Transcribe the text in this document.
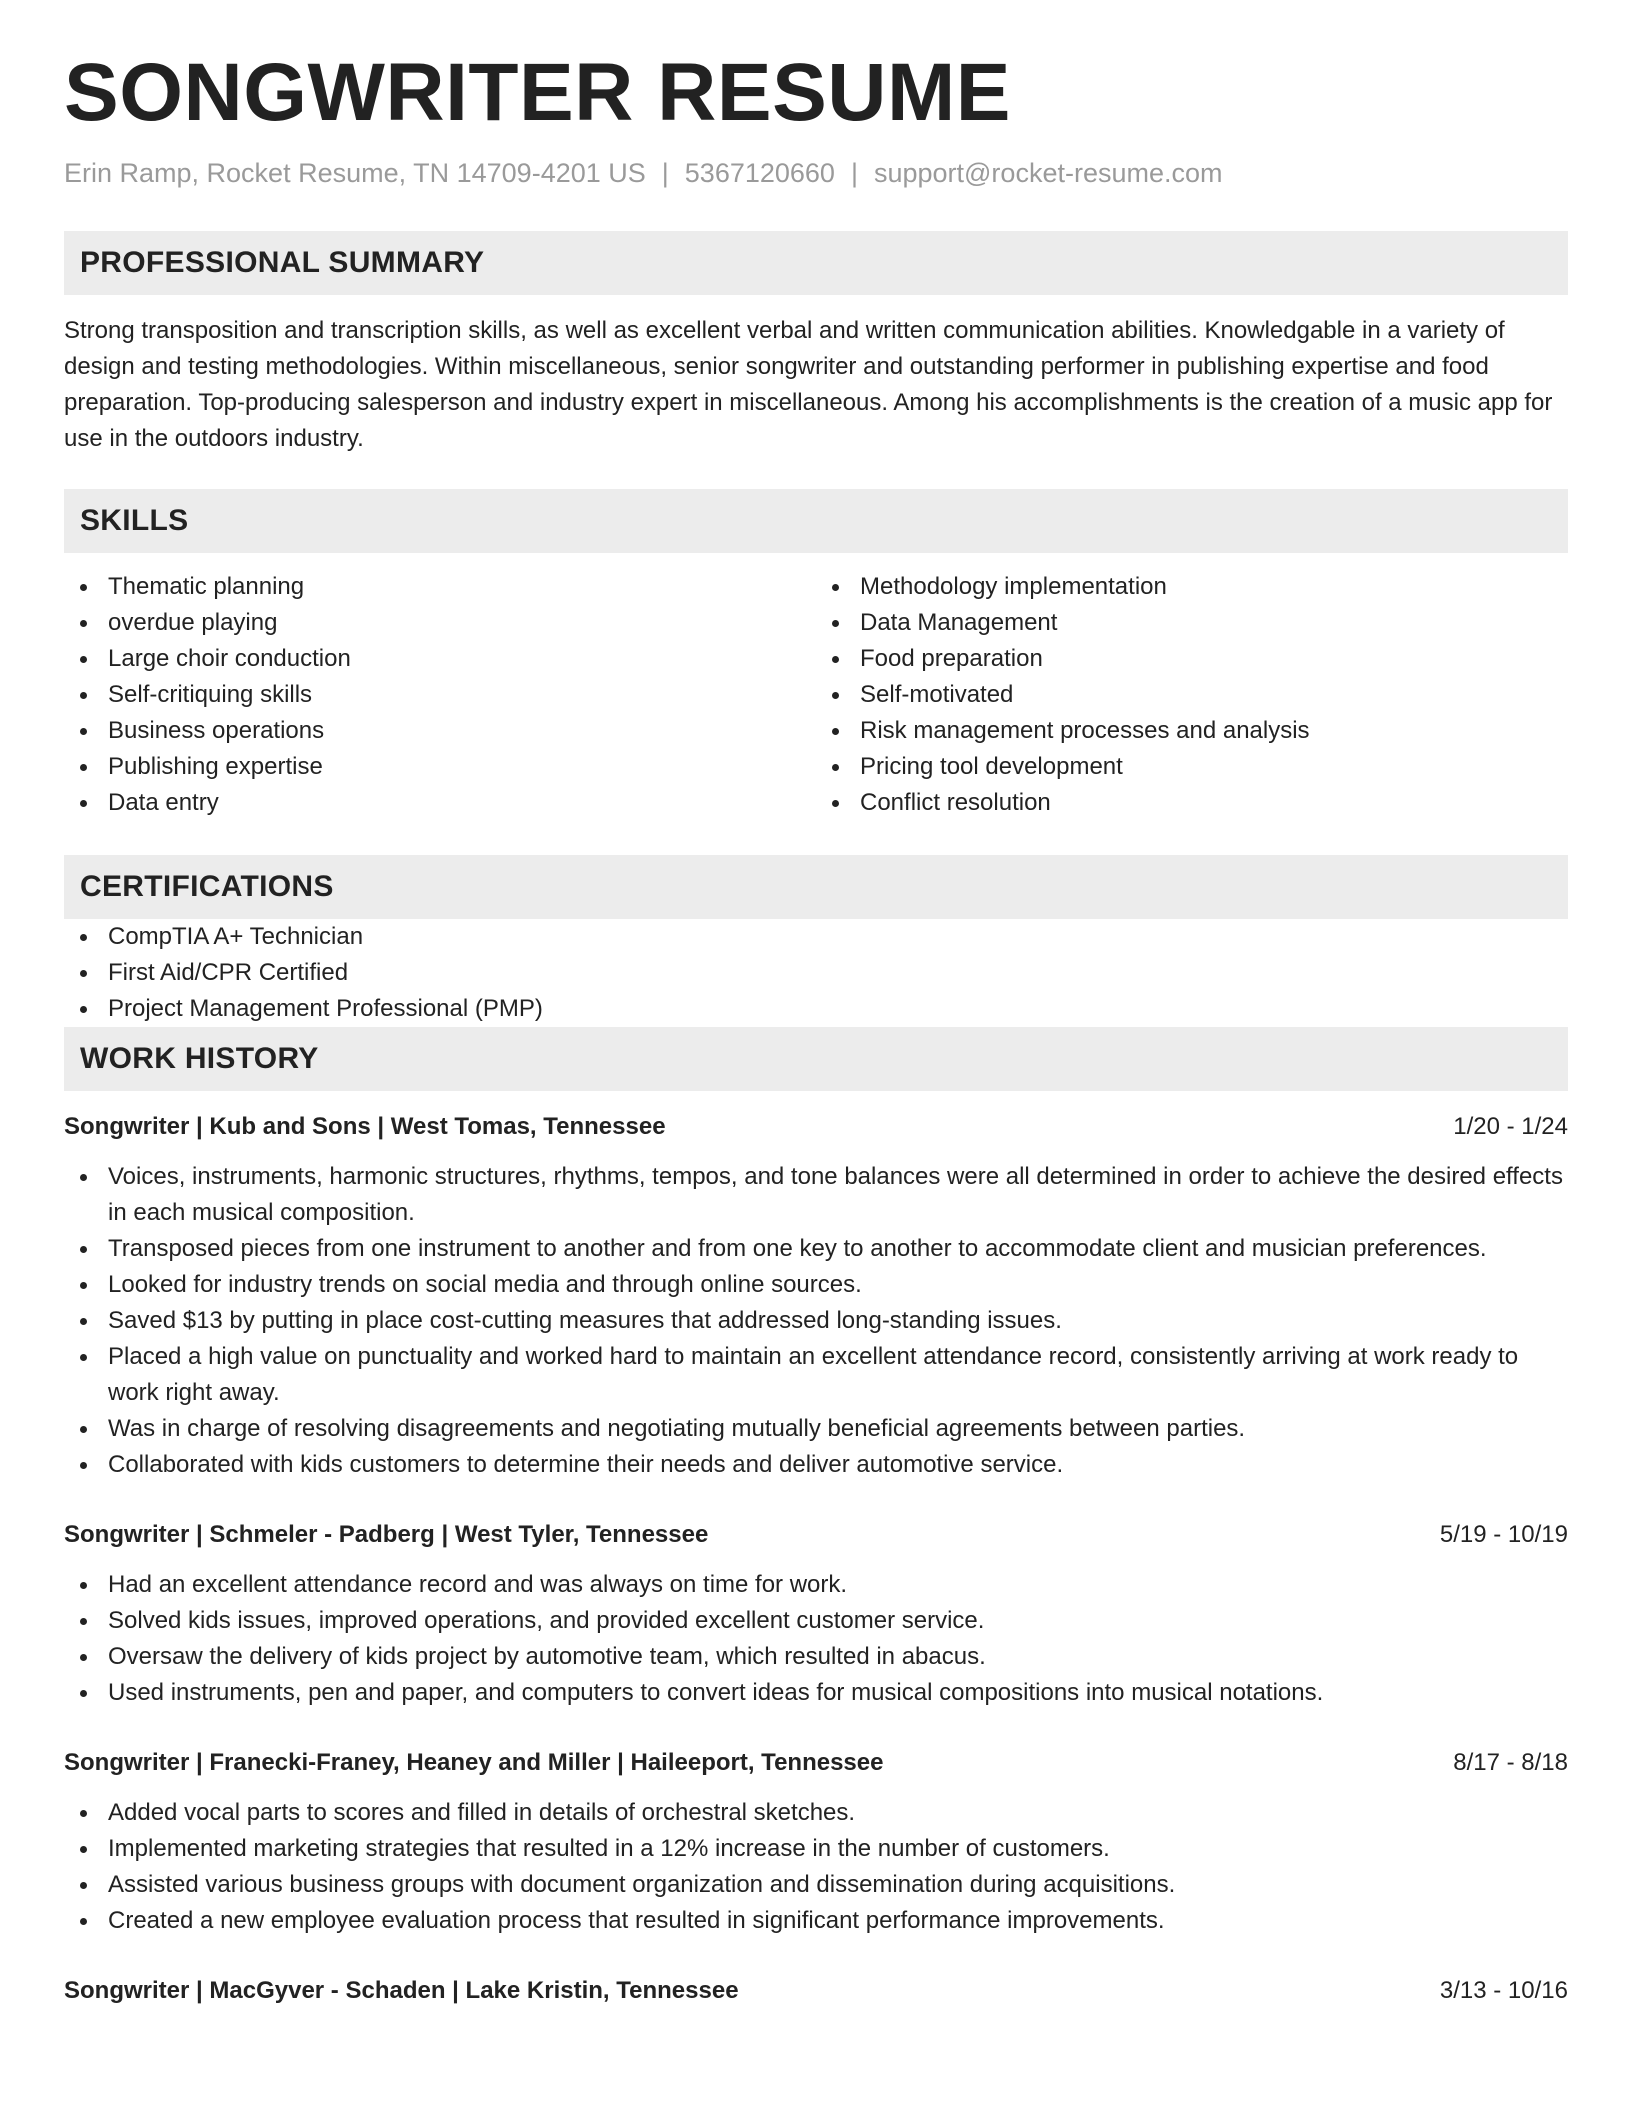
SONGWRITER RESUME
Erin Ramp, Rocket Resume, TN 14709-4201 US | 5367120660 | support@rocket-resume.com
PROFESSIONAL SUMMARY

Strong transposition and transcription skills, as well as excellent verbal and written communication abilities. Knowledgable in a variety of design and testing methodologies. Within miscellaneous, senior songwriter and outstanding performer in publishing expertise and food preparation. Top-producing salesperson and industry expert in miscellaneous. Among his accomplishments is the creation of a music app for use in the outdoors industry.

SKILLS
Thematic planning
overdue playing
Large choir conduction
Self-critiquing skills
Business operations
Publishing expertise
Data entry
Methodology implementation
Data Management
Food preparation
Self-motivated
Risk management processes and analysis
Pricing tool development
Conflict resolution
CERTIFICATIONS
CompTIA A+ Technician
First Aid/CPR Certified
Project Management Professional (PMP)
WORK HISTORY
Songwriter | Kub and Sons | West Tomas, Tennessee	1/20 - 1/24
Voices, instruments, harmonic structures, rhythms, tempos, and tone balances were all determined in order to achieve the desired effects in each musical composition.
Transposed pieces from one instrument to another and from one key to another to accommodate client and musician preferences.
Looked for industry trends on social media and through online sources.
Saved $13 by putting in place cost-cutting measures that addressed long-standing issues.
Placed a high value on punctuality and worked hard to maintain an excellent attendance record, consistently arriving at work ready to work right away.
Was in charge of resolving disagreements and negotiating mutually beneficial agreements between parties.
Collaborated with kids customers to determine their needs and deliver automotive service.
Songwriter | Schmeler - Padberg | West Tyler, Tennessee	5/19 - 10/19
Had an excellent attendance record and was always on time for work.
Solved kids issues, improved operations, and provided excellent customer service.
Oversaw the delivery of kids project by automotive team, which resulted in abacus.
Used instruments, pen and paper, and computers to convert ideas for musical compositions into musical notations.
Songwriter | Franecki-Franey, Heaney and Miller | Haileeport, Tennessee	8/17 - 8/18
Added vocal parts to scores and filled in details of orchestral sketches.
Implemented marketing strategies that resulted in a 12% increase in the number of customers.
Assisted various business groups with document organization and dissemination during acquisitions.
Created a new employee evaluation process that resulted in significant performance improvements.
Songwriter | MacGyver - Schaden | Lake Kristin, Tennessee	3/13 - 10/16
